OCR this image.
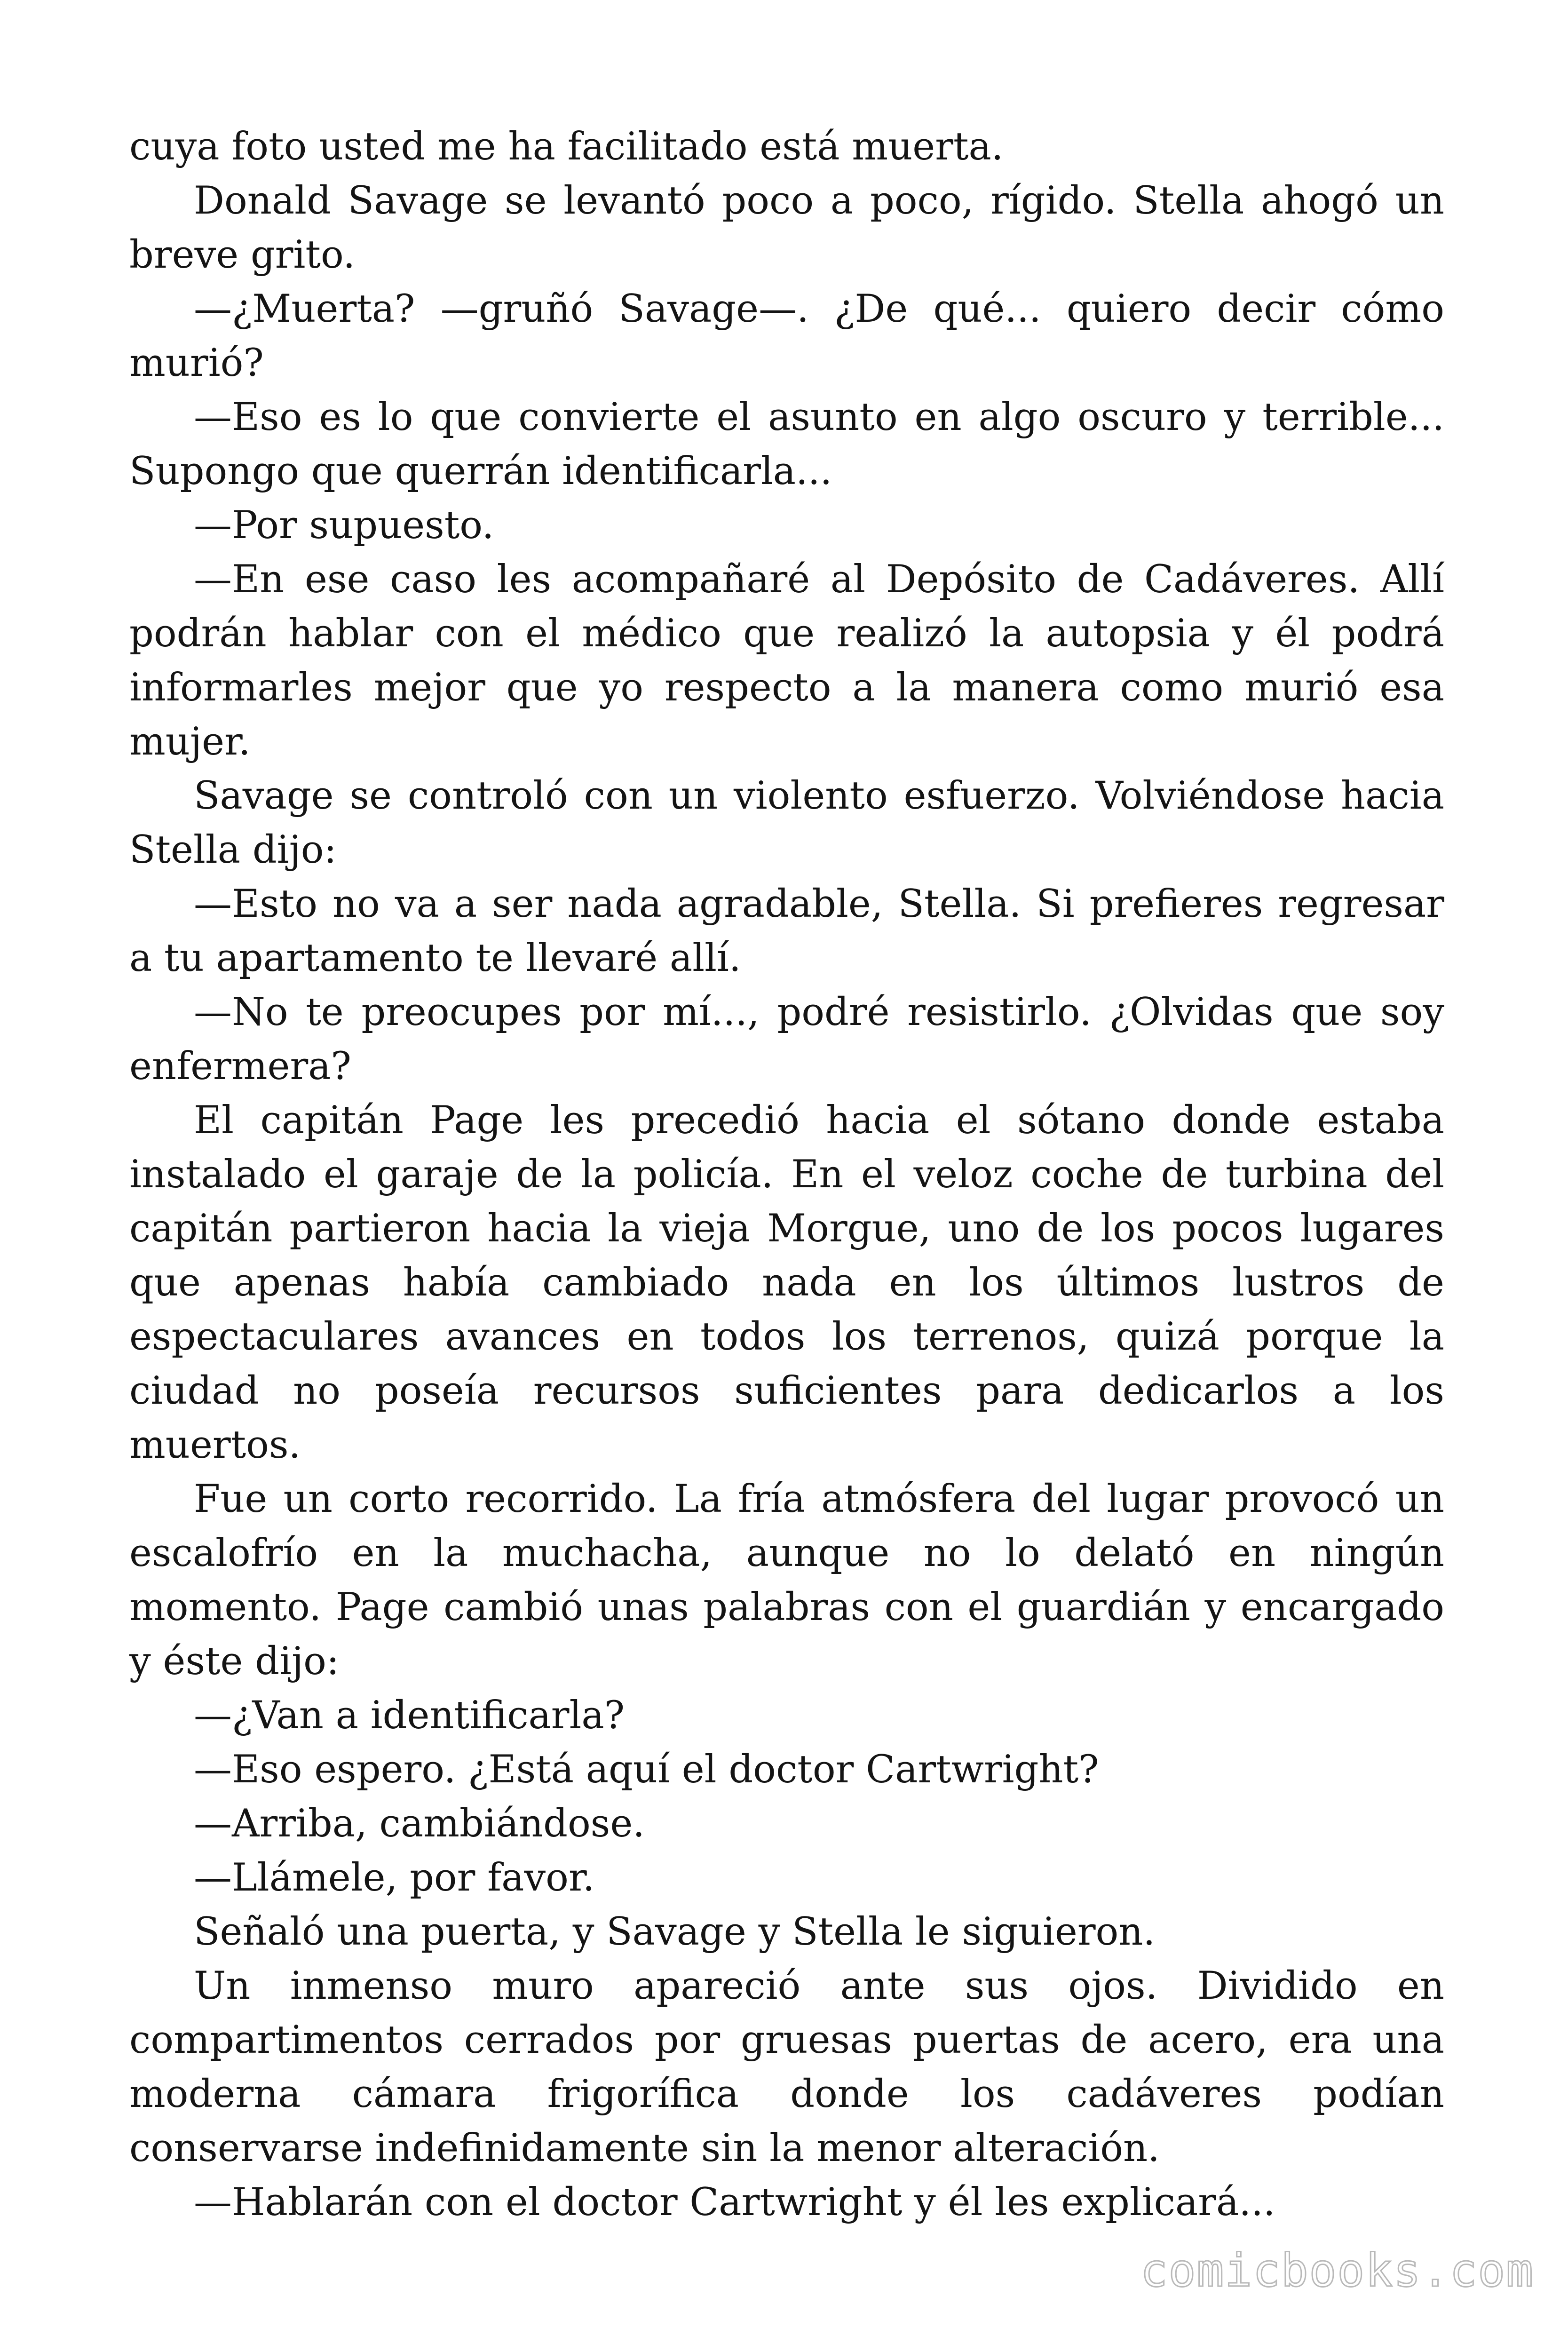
cuya foto usted me ha facilitado está muerta.

Donald Savage se levantó poco a poco, rígido. Stella ahogó un breve grito.

—¿Muerta? —gruñó Savage—. ¿De qué... quiero decir cómo murió?

—Eso es lo que convierte el asunto en algo oscuro y terrible... Supongo que querrán identificarla...

—Por supuesto.

—En ese caso les acompañaré al Depósito de Cadáveres. Allí podrán hablar con el médico que realizó la autopsia y él podrá informarles mejor que yo respecto a la manera como murió esa mujer.

Savage se controló con un violento esfuerzo. Volviéndose hacia Stella dijo:

—Esto no va a ser nada agradable, Stella. Si prefieres regresar a tu apartamento te llevaré allí.

—No te preocupes por mí..., podré resistirlo. ¿Olvidas que soy enfermera?

El capitán Page les precedió hacia el sótano donde estaba instalado el garaje de la policía. En el veloz coche de turbina del capitán partieron hacia la vieja Morgue, uno de los pocos lugares que apenas había cambiado nada en los últimos lustros de espectaculares avances en todos los terrenos, quizá porque la ciudad no poseía recursos suficientes para dedicarlos a los muertos.

Fue un corto recorrido. La fría atmósfera del lugar provocó un escalofrío en la muchacha, aunque no lo delató en ningún momento. Page cambió unas palabras con el guardián y encargado y éste dijo:

—¿Van a identificarla?

—Eso espero. ¿Está aquí el doctor Cartwright?

—Arriba, cambiándose.

—Llámele, por favor.

Señaló una puerta, y Savage y Stella le siguieron.

Un inmenso muro apareció ante sus ojos. Dividido en compartimentos cerrados por gruesas puertas de acero, era una moderna cámara frigorífica donde los cadáveres podían conservarse indefinidamente sin la menor alteración.

—Hablarán con el doctor Cartwright y él les explicará...

comicbooks.com
